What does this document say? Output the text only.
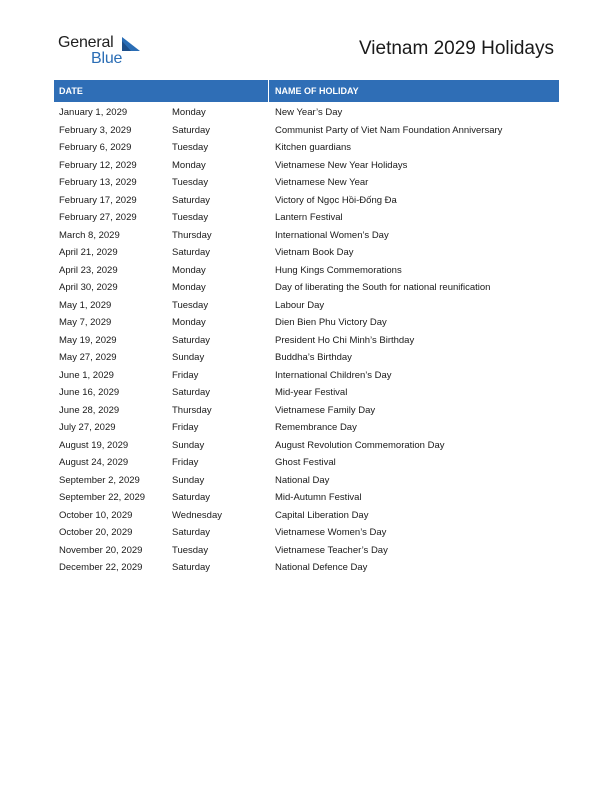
General
Blue	Vietnam 2029 Holidays
DATE	NAME OF HOLIDAY
January 1, 2029	Monday	New Year’s Day
February 3, 2029	Saturday	Communist Party of Viet Nam Foundation Anniversary
February 6, 2029	Tuesday	Kitchen guardians
February 12, 2029	Monday	Vietnamese New Year Holidays
February 13, 2029	Tuesday	Vietnamese New Year
February 17, 2029	Saturday	Victory of Ngọc Hồi-Đống Đa
February 27, 2029	Tuesday	Lantern Festival
March 8, 2029	Thursday	International Women’s Day
April 21, 2029	Saturday	Vietnam Book Day
April 23, 2029	Monday	Hung Kings Commemorations
April 30, 2029	Monday	Day of liberating the South for national reunification
May 1, 2029	Tuesday	Labour Day
May 7, 2029	Monday	Dien Bien Phu Victory Day
May 19, 2029	Saturday	President Ho Chi Minh’s Birthday
May 27, 2029	Sunday	Buddha’s Birthday
June 1, 2029	Friday	International Children’s Day
June 16, 2029	Saturday	Mid-year Festival
June 28, 2029	Thursday	Vietnamese Family Day
July 27, 2029	Friday	Remembrance Day
August 19, 2029	Sunday	August Revolution Commemoration Day
August 24, 2029	Friday	Ghost Festival
September 2, 2029	Sunday	National Day
September 22, 2029	Saturday	Mid-Autumn Festival
October 10, 2029	Wednesday	Capital Liberation Day
October 20, 2029	Saturday	Vietnamese Women’s Day
November 20, 2029	Tuesday	Vietnamese Teacher’s Day
December 22, 2029	Saturday	National Defence Day
